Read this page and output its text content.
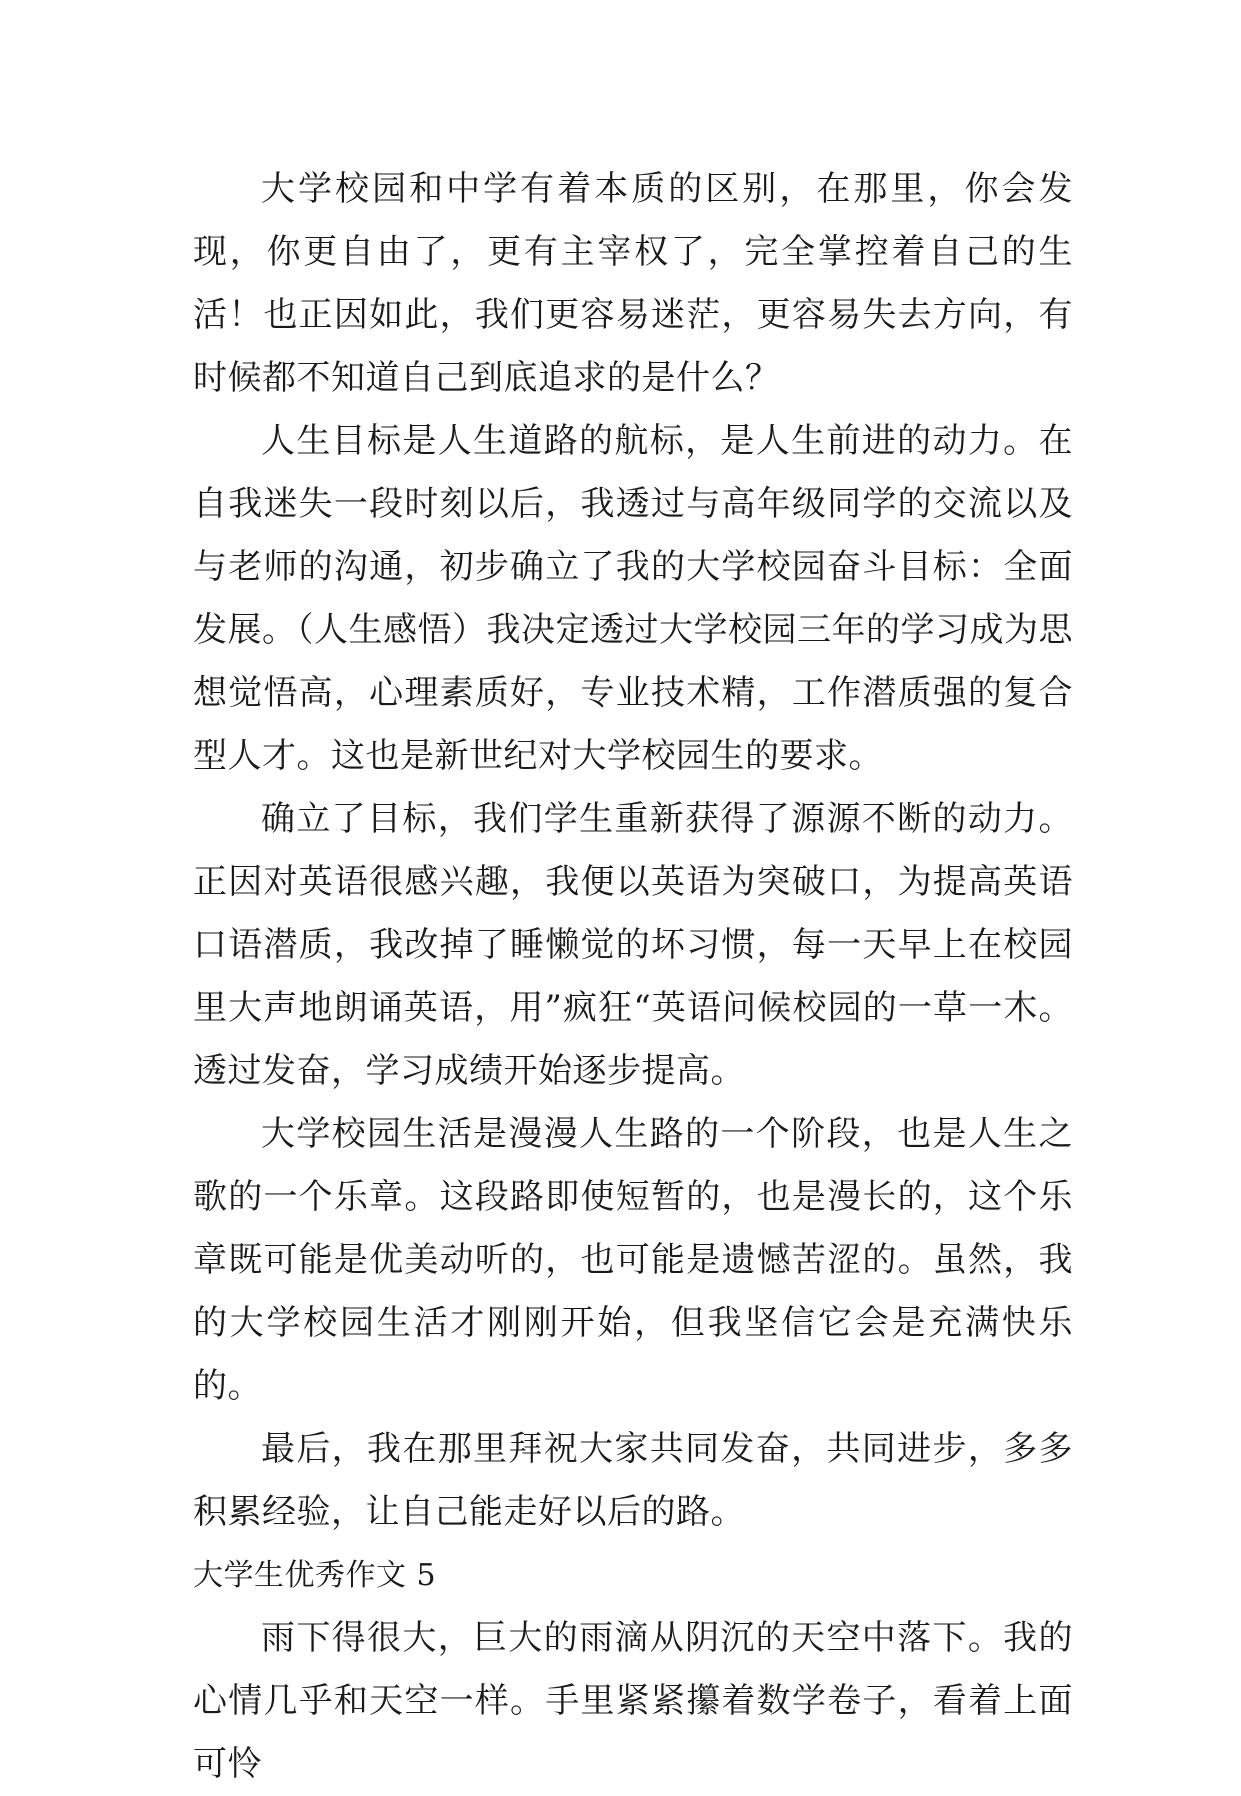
大学校园和中学有着本质的区别，在那里，你会发现，你更自由了，更有主宰权了，完全掌控着自己的生活！也正因如此，我们更容易迷茫，更容易失去方向，有时候都不知道自己到底追求的是什么？

人生目标是人生道路的航标，是人生前进的动力。在自我迷失一段时刻以后，我透过与高年级同学的交流以及与老师的沟通，初步确立了我的大学校园奋斗目标：全面发展。（人生感悟）我决定透过大学校园三年的学习成为思想觉悟高，心理素质好，专业技术精，工作潜质强的复合型人才。这也是新世纪对大学校园生的要求。

确立了目标，我们学生重新获得了源源不断的动力。正因对英语很感兴趣，我便以英语为突破口，为提高英语口语潜质，我改掉了睡懒觉的坏习惯，每一天早上在校园里大声地朗诵英语，用”疯狂“英语问候校园的一草一木。透过发奋，学习成绩开始逐步提高。

大学校园生活是漫漫人生路的一个阶段，也是人生之歌的一个乐章。这段路即使短暂的，也是漫长的，这个乐章既可能是优美动听的，也可能是遗憾苦涩的。虽然，我的大学校园生活才刚刚开始，但我坚信它会是充满快乐的。

最后，我在那里拜祝大家共同发奋，共同进步，多多积累经验，让自己能走好以后的路。

大学生优秀作文 5

雨下得很大，巨大的雨滴从阴沉的天空中落下。我的心情几乎和天空一样。手里紧紧攥着数学卷子，看着上面可怜
